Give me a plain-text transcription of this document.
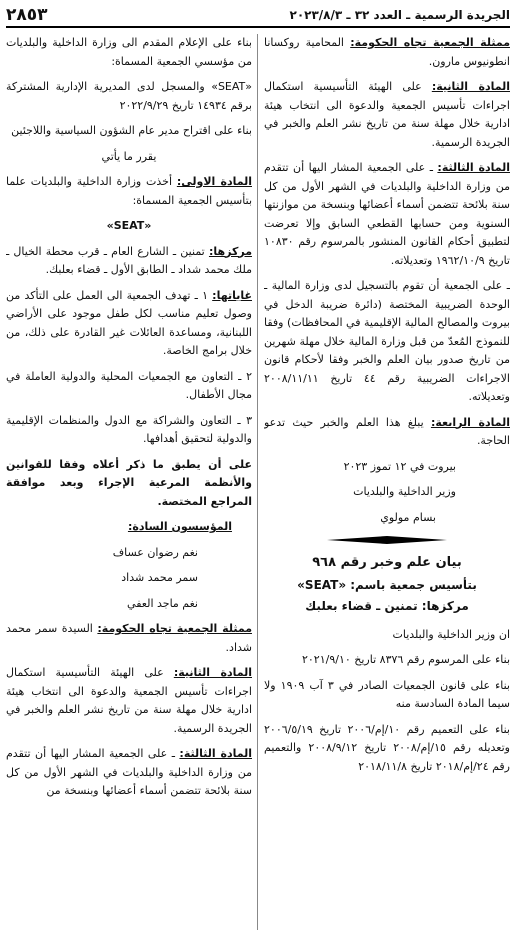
الجريدة الرسمية ـ العدد ٣٢ ـ ٢٠٢٣/٨/٣
٢٨٥٣

ممثلة الجمعية تجاه الحكومة: المحامية روكسانا انطونيوس مارون.

المادة الثانية: على الهيئة التأسيسية استكمال اجراءات تأسيس الجمعية والدعوة الى انتخاب هيئة ادارية خلال مهلة سنة من تاريخ نشر العلم والخبر في الجريدة الرسمية.

المادة الثالثة: ـ على الجمعية المشار اليها أن تتقدم من وزارة الداخلية والبلديات في الشهر الأول من كل سنة بلائحة تتضمن أسماء أعضائها وبنسخة من موازنتها السنوية ومن حسابها القطعي السابق وإلا تعرضت لتطبيق أحكام القانون المنشور بالمرسوم رقم ١٠٨٣٠ تاريخ ١٩٦٢/١٠/٩ وتعديلاته.

ـ على الجمعية أن تقوم بالتسجيل لدى وزارة المالية ـ الوحدة الضريبية المختصة (دائرة ضريبة الدخل في بيروت والمصالح المالية الإقليمية في المحافظات) وفقا للنموذج المُعدّ من قبل وزارة المالية خلال مهلة شهرين من تاريخ صدور بيان العلم والخبر وفقا لأحكام قانون الاجراءات الضريبية رقم ٤٤ تاريخ ٢٠٠٨/١١/١١ وتعديلاته.

المادة الرابعة: يبلغ هذا العلم والخبر حيث تدعو الحاجة.

بيروت في ١٢ تموز ٢٠٢٣

وزير الداخلية والبلديات

بسام مولوي

بيان علم وخبر رقم ٩٦٨
بتأسيس جمعية باسم: «SEAT»
مركزها: تمنين ـ قضاء بعلبك

ان وزير الداخلية والبلديات

بناء على المرسوم رقم ٨٣٧٦ تاريخ ٢٠٢١/٩/١٠

بناء على قانون الجمعيات الصادر في ٣ آب ١٩٠٩ ولا سيما المادة السادسة منه

بناء على التعميم رقم ١٠/إم/٢٠٠٦ تاريخ ٢٠٠٦/٥/١٩ وتعديله رقم ١٥/إم/٢٠٠٨ تاريخ ٢٠٠٨/٩/١٢ والتعميم رقم ٢٤/إم/٢٠١٨ تاريخ ٢٠١٨/١١/٨

بناء على الإعلام المقدم الى وزارة الداخلية والبلديات من مؤسسي الجمعية المسماة:

«SEAT» والمسجل لدى المديرية الإدارية المشتركة برقم ١٤٩٣٤ تاريخ ٢٠٢٢/٩/٢٩

بناء على اقتراح مدير عام الشؤون السياسية واللاجئين

يقرر ما يأتي

المادة الاولى: أخذت وزارة الداخلية والبلديات علما بتأسيس الجمعية المسماة:

«SEAT»

مركزها: تمنين ـ الشارع العام ـ قرب محطة الخيال ـ ملك محمد شداد ـ الطابق الأول ـ قضاء بعلبك.

غاياتها: ١ ـ تهدف الجمعية الى العمل على التأكد من وصول تعليم مناسب لكل طفل موجود على الأراضي اللبنانية، ومساعدة العائلات غير القادرة على ذلك، من خلال برامج الخاصة.

٢ ـ التعاون مع الجمعيات المحلية والدولية العاملة في مجال الأطفال.

٣ ـ التعاون والشراكة مع الدول والمنظمات الإقليمية والدولية لتحقيق أهدافها.

على أن يطبق ما ذكر أعلاه وفقا للقوانين والأنظمة المرعية الإجراء وبعد موافقة المراجع المختصة.

المؤسسون السادة:

نغم رضوان عساف

سمر محمد شداد

نغم ماجد العفي

ممثلة الجمعية تجاه الحكومة: السيدة سمر محمد شداد.

المادة الثانية: على الهيئة التأسيسية استكمال اجراءات تأسيس الجمعية والدعوة الى انتخاب هيئة ادارية خلال مهلة سنة من تاريخ نشر العلم والخبر في الجريدة الرسمية.

المادة الثالثة: ـ على الجمعية المشار اليها أن تتقدم من وزارة الداخلية والبلديات في الشهر الأول من كل سنة بلائحة تتضمن أسماء أعضائها وبنسخة من
